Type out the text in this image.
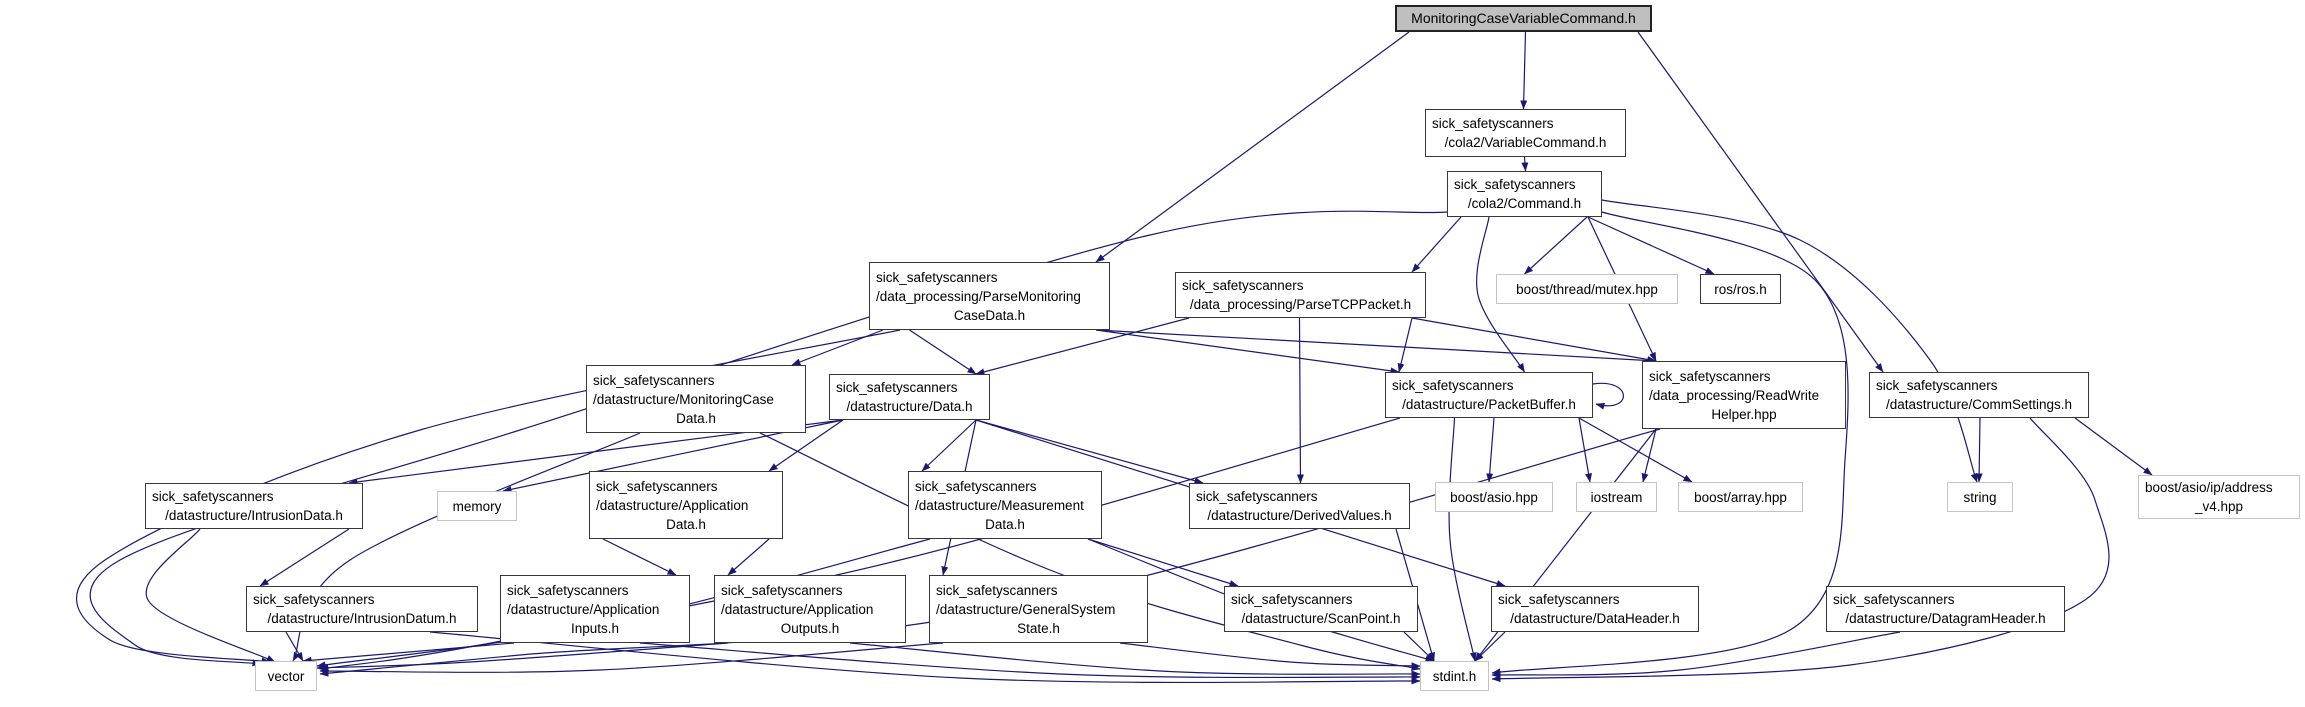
MonitoringCaseVariableCommand.h
sick_safetyscanners
/cola2/VariableCommand.h
sick_safetyscanners
/cola2/Command.h
sick_safetyscanners
/data_processing/ParseMonitoring
CaseData.h
sick_safetyscanners
/data_processing/ParseTCPPacket.h
boost/thread/mutex.hpp	ros/ros.h
sick_safetyscanners
/datastructure/MonitoringCase
Data.h
sick_safetyscanners
/datastructure/Data.h
sick_safetyscanners
/datastructure/PacketBuffer.h
sick_safetyscanners
/data_processing/ReadWrite
Helper.hpp
sick_safetyscanners
/datastructure/CommSettings.h
sick_safetyscanners
/datastructure/IntrusionData.h
memory
sick_safetyscanners
/datastructure/Application
Data.h
sick_safetyscanners
/datastructure/Measurement
Data.h
sick_safetyscanners
/datastructure/DerivedValues.h
boost/asio.hpp	iostream	boost/array.hpp	string
boost/asio/ip/address
_v4.hpp
sick_safetyscanners
/datastructure/IntrusionDatum.h
sick_safetyscanners
/datastructure/Application
Inputs.h
sick_safetyscanners
/datastructure/Application
Outputs.h
sick_safetyscanners
/datastructure/GeneralSystem
State.h
sick_safetyscanners
/datastructure/ScanPoint.h
sick_safetyscanners
/datastructure/DataHeader.h
sick_safetyscanners
/datastructure/DatagramHeader.h
vector	stdint.h
